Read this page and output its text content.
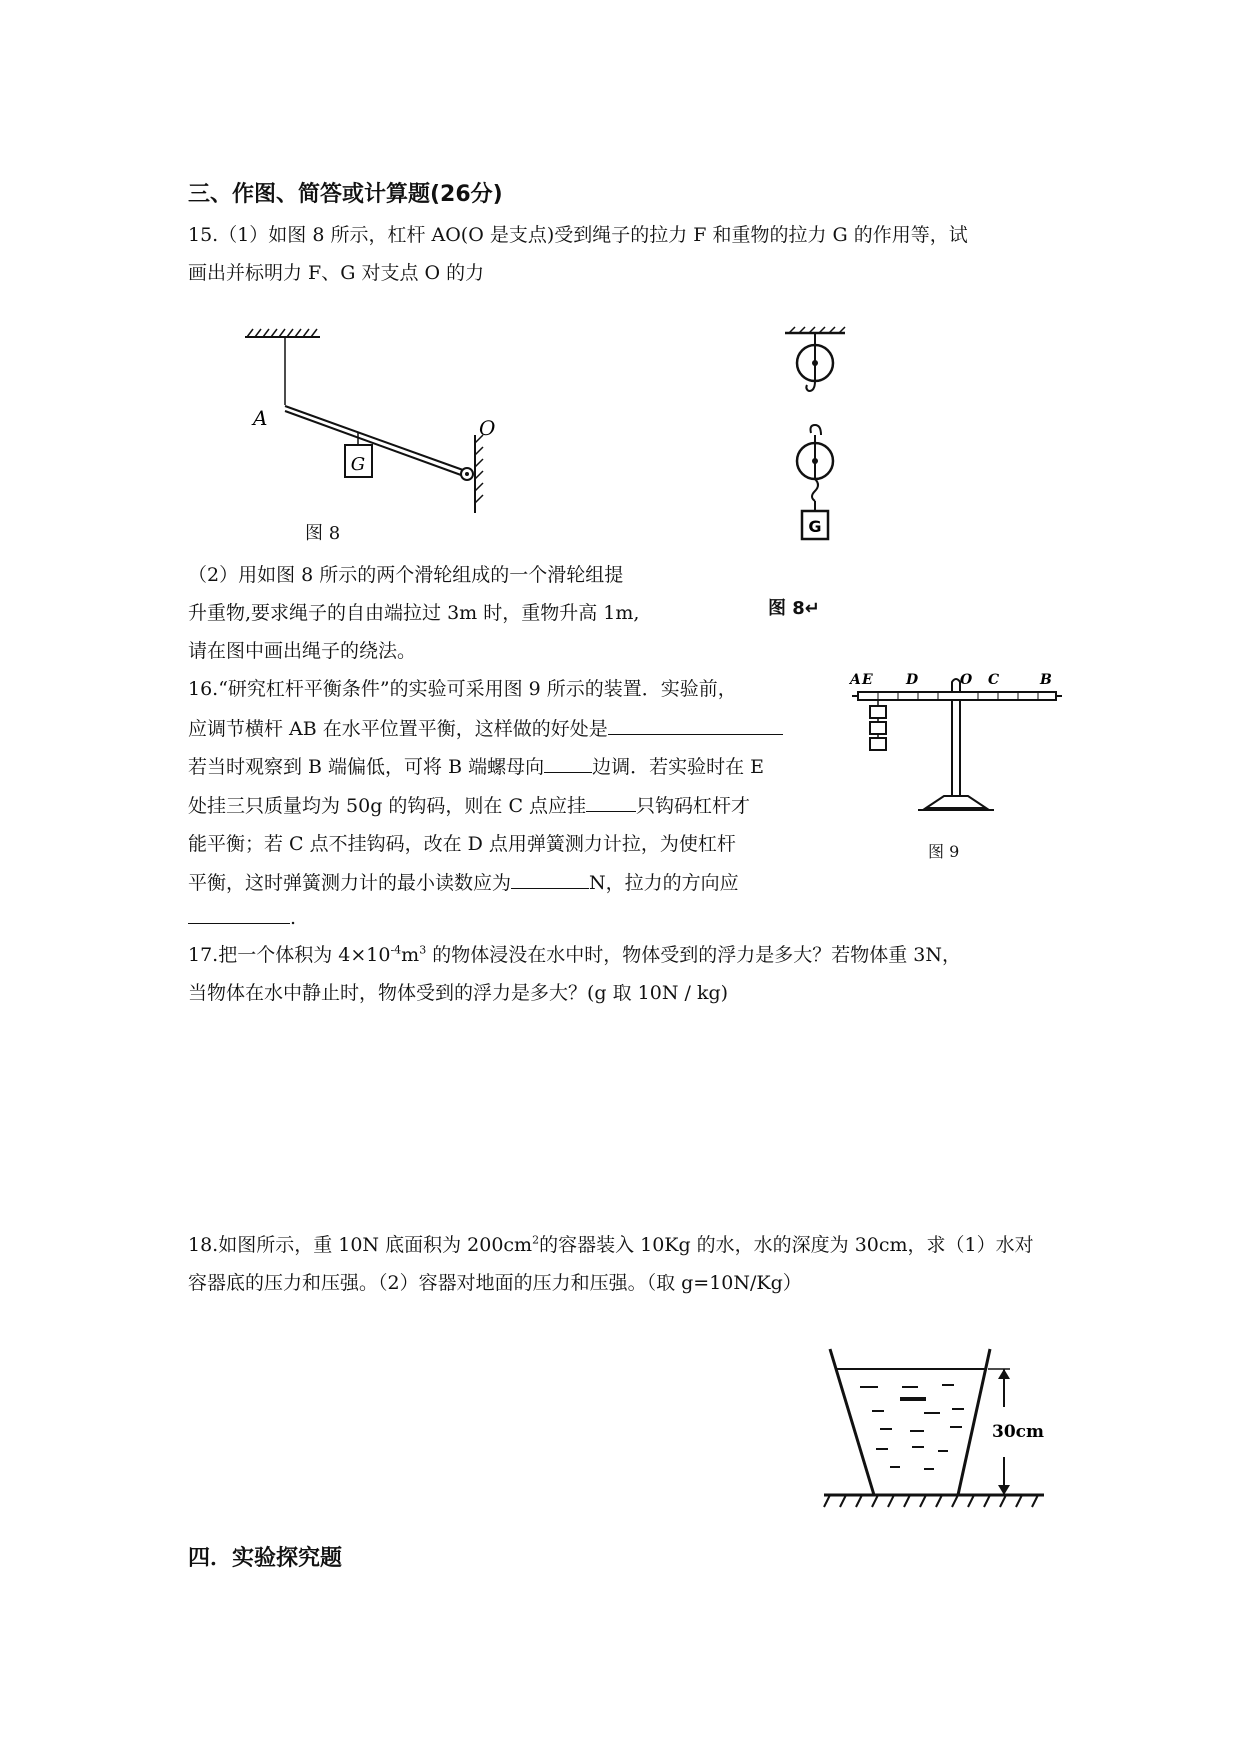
三、作图、简答或计算题(26分)
15.（1）如图 8 所示，杠杆 AO(O 是支点)受到绳子的拉力 F 和重物的拉力 G 的作用等，试
画出并标明力 F、G 对支点 O 的力
G
A	O
图 8	G
图 8↵
（2）用如图 8 所示的两个滑轮组成的一个滑轮组提
升重物,要求绳子的自由端拉过 3m 时，重物升高 1m,
请在图中画出绳子的绕法。
16.“研究杠杆平衡条件”的实验可采用图 9 所示的装置．实验前，
应调节横杆 AB 在水平位置平衡，这样做的好处是
若当时观察到 B 端偏低，可将 B 端螺母向	边调．若实验时在 E
处挂三只质量均为 50g 的钩码，则在 C 点应挂	只钩码杠杆才
能平衡；若 C 点不挂钩码，改在 D 点用弹簧测力计拉，为使杠杆
平衡，这时弹簧测力计的最小读数应为	N，拉力的方向应
.
A E D	O C	B
图 9
17.把一个体积为 $4\times 10^{-4}m^3$ 的物体浸没在水中时，物体受到的浮力是多大？若物体重 3N，
当物体在水中静止时，物体受到的浮力是多大？(g 取 10N / kg)
18.如图所示，重 10N 底面积为 $200cm^2$的容器装入 10Kg 的水，水的深度为 30cm，求（1）水对
容器底的压力和压强。（2）容器对地面的压力和压强。（取 g=10N/Kg）
30cm
四．实验探究题
